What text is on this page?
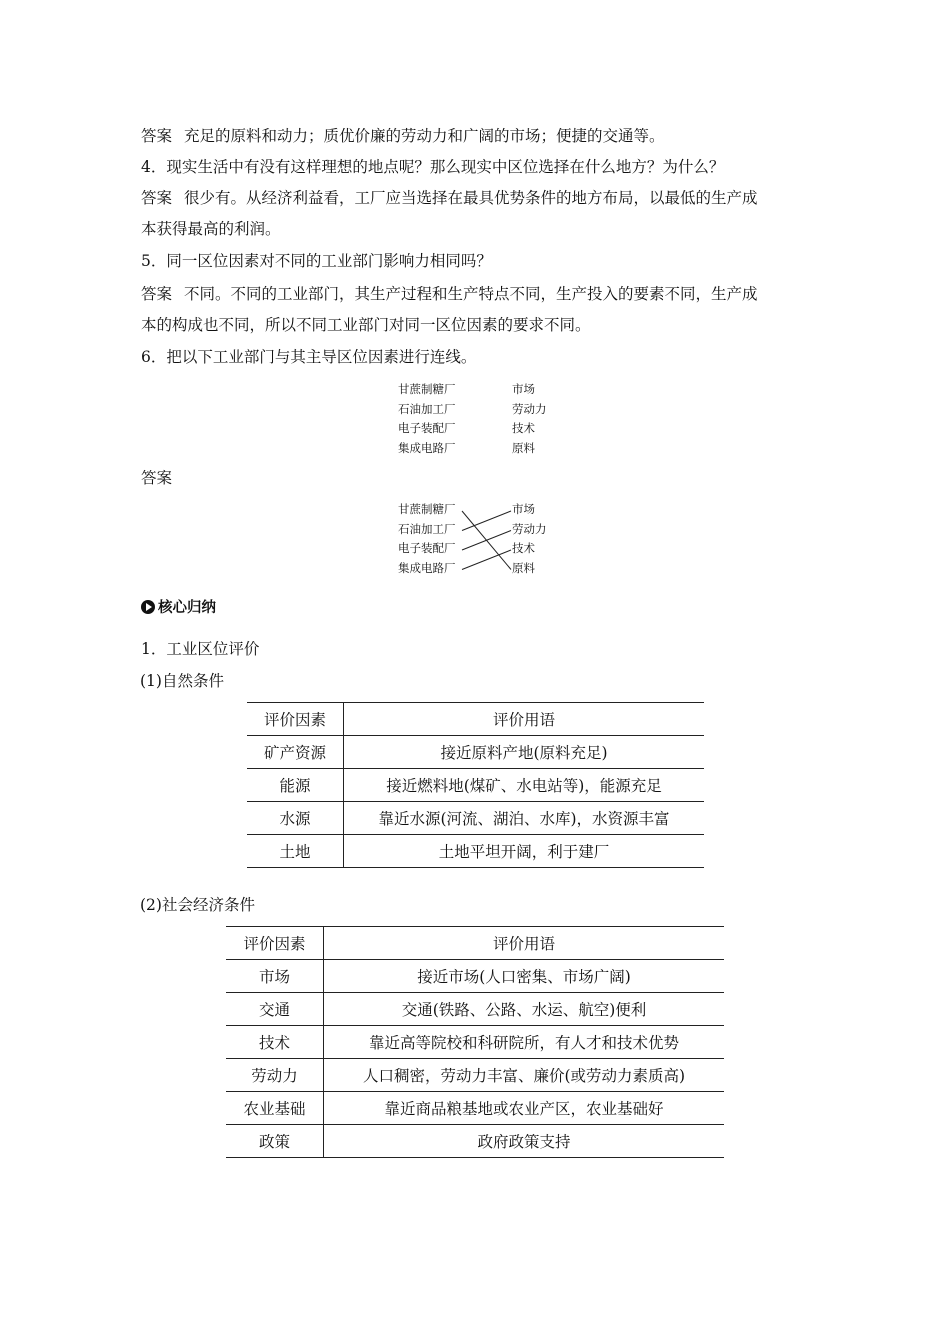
答案 充足的原料和动力；质优价廉的劳动力和广阔的市场；便捷的交通等。

4．现实生活中有没有这样理想的地点呢？那么现实中区位选择在什么地方？为什么？

答案 很少有。从经济利益看，工厂应当选择在最具优势条件的地方布局，以最低的生产成

本获得最高的利润。

5．同一区位因素对不同的工业部门影响力相同吗？

答案 不同。不同的工业部门，其生产过程和生产特点不同，生产投入的要素不同，生产成

本的构成也不同，所以不同工业部门对同一区位因素的要求不同。

6．把以下工业部门与其主导区位因素进行连线。

甘蔗制糖厂
石油加工厂
电子装配厂
集成电路厂
市场
劳动力
技术
原料

答案

甘蔗制糖厂
石油加工厂
电子装配厂
集成电路厂
市场
劳动力
技术
原料
核心归纳

1．工业区位评价

(1)自然条件

评价因素	评价用语
矿产资源	接近原料产地(原料充足)
能源	接近燃料地(煤矿、水电站等)，能源充足
水源	靠近水源(河流、湖泊、水库)，水资源丰富
土地	土地平坦开阔，利于建厂

(2)社会经济条件

评价因素	评价用语
市场	接近市场(人口密集、市场广阔)
交通	交通(铁路、公路、水运、航空)便利
技术	靠近高等院校和科研院所，有人才和技术优势
劳动力	人口稠密，劳动力丰富、廉价(或劳动力素质高)
农业基础	靠近商品粮基地或农业产区，农业基础好
政策	政府政策支持
